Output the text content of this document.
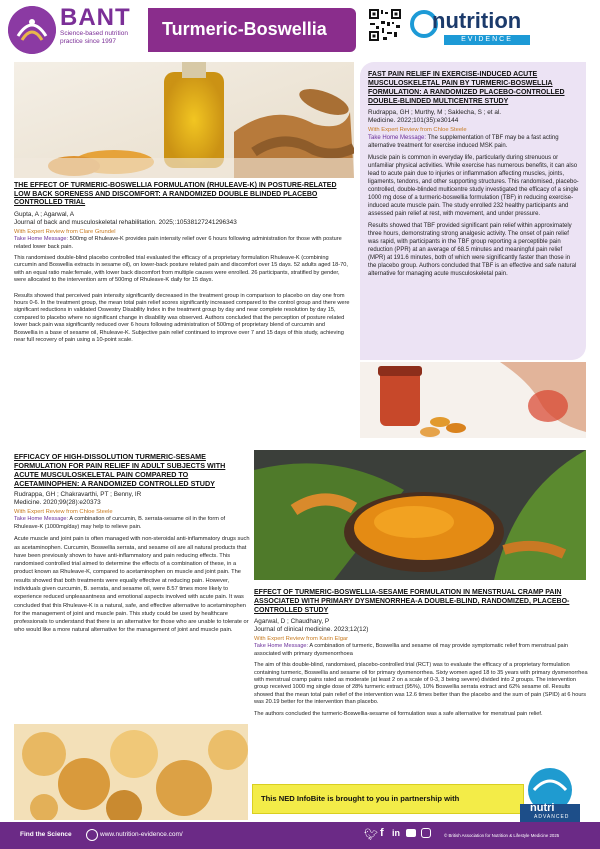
BANT
Science-based nutrition
practice since 1997
Turmeric-Boswellia	nutrition
EVIDENCE
FAST PAIN RELIEF IN EXERCISE-INDUCED ACUTE MUSCULOSKELETAL PAIN BY TURMERIC-BOSWELLIA FORMULATION: A RANDOMIZED PLACEBO-CONTROLLED DOUBLE-BLINDED MULTICENTRE STUDY
Rudrappa, GH ; Murthy, M ; Saklecha, S ; et al.
Medicine. 2022;101(35):e30144
With Expert Review from Chloe Steele

Take Home Message: The supplementation of TBF may be a fast acting alternative treatment for exercise induced MSK pain.

Muscle pain is common in everyday life, particularly during strenuous or unfamiliar physical activities. While exercise has numerous benefits, it can also lead to acute pain due to injuries or inflammation affecting muscles, joints, ligaments, tendons, and other supporting structures. This randomised, placebo-controlled, double-blinded multicentre study investigated the efficacy of a single 1000 mg dose of a turmeric-boswellia formulation (TBF) in reducing exercise-induced acute muscle pain. The study enrolled 232 healthy participants and assessed pain relief at rest, with movement, and under pressure.

Results showed that TBF provided significant pain relief within approximately three hours, demonstrating strong analgesic activity. The onset of pain relief was rapid, with participants in the TBF group reporting a perceptible pain reduction (PPR) at an average of 68.5 minutes and meaningful pain relief (MPR) at 191.6 minutes, both of which were significantly faster than those in the placebo group. Authors concluded that TBF is an effective and safe natural alternative for managing acute musculoskeletal pain.

THE EFFECT OF TURMERIC-BOSWELLIA FORMULATION (RHULEAVE-K) IN POSTURE-RELATED LOW BACK SORENESS AND DISCOMFORT: A RANDOMIZED DOUBLE BLINDED PLACEBO CONTROLLED TRIAL
Gupta, A ; Agarwal, A
Journal of back and musculoskeletal rehabilitation. 2025;:10538127241296343
With Expert Review from Clare Grundel

Take Home Message: 500mg of Rhuleave-K provides pain intensity relief over 6 hours following administration for those with posture related lower back pain.

This randomised double-blind placebo controlled trial evaluated the efficacy of a proprietary formulation Rhuleave-K (combining curcumin and Boswellia extracts in sesame oil), on lower-back posture related pain and discomfort over 15 days. 52 adults aged 18-70, with an equal ratio male:female, with lower back discomfort from multiple causes were enrolled. 26 participants, stratified by gender, were allocated to the intervention arm of 500mg of Rhuleave-K daily for 15 days.

Results showed that perceived pain intensity significantly decreased in the treatment group in comparison to placebo on day one from hours 0-6. In the treatment group, the mean total pain relief scores significantly increased compared to the control group and there were significant reductions in validated Oswestry Disability Index in the treatment group by day and near complete resolution by day 15, compared to placebo where no significant change in disability was observed. Authors concluded that the perception of posture related lower back pain was significantly reduced over 6 hours following administration of 500mg of proprietary blend of curcumin and Boswellia in a base of sesame oil, Rhuleave-K. Subjective pain relief continued to improve over 7 and 15 days of this study, achieving near full recovery of pain using a 10-point scale.

EFFICACY OF HIGH-DISSOLUTION TURMERIC-SESAME FORMULATION FOR PAIN RELIEF IN ADULT SUBJECTS WITH ACUTE MUSCULOSKELETAL PAIN COMPARED TO ACETAMINOPHEN: A RANDOMIZED CONTROLLED STUDY
Rudrappa, GH ; Chakravarthi, PT ; Benny, IR
Medicine. 2020;99(28):e20373
With Expert Review from Chloe Steele

Take Home Message: A combination of curcumin, B. serrata-sesame oil in the form of Rhuleave-K (1000mg/day) may help to relieve pain.

Acute muscle and joint pain is often managed with non-steroidal anti-inflammatory drugs such as acetaminophen. Curcumin, Boswellia serrata, and sesame oil are all natural products that have been previously shown to have anti-inflammatory and pain reducing effects. This randomised controlled trial aimed to determine the effects of a combination of these, in a product known as Rhuleave-K, compared to acetaminophen on muscle and joint pain. The results showed that both treatments were equally effective at reducing pain. However, individuals given curcumin, B. serrata, and sesame oil, were 8.57 times more likely to experience reduced unpleasantness and emotional aspects involved with acute pain. It was concluded that this Rhuleave-K is a natural, safe, and effective alternative to acetaminophen for the management of joint and muscle pain. This study could be used by healthcare professionals to understand that there is an alternative for those who are unable to tolerate or who would like a more natural alternative for the management of joint and muscle pain.

EFFECT OF TURMERIC-BOSWELLIA-SESAME FORMULATION IN MENSTRUAL CRAMP PAIN ASSOCIATED WITH PRIMARY DYSMENORRHEA-A DOUBLE-BLIND, RANDOMIZED, PLACEBO-CONTROLLED STUDY
Agarwal, D ; Chaudhary, P
Journal of clinical medicine. 2023;12(12)
With Expert Review from Karin Elgar

Take Home Message: A combination of turmeric, Boswellia and sesame oil may provide symptomatic relief from menstrual pain associated with primary dysmenorrhoea

The aim of this double-blind, randomised, placebo-controlled trial (RCT) was to evaluate the efficacy of a proprietary formulation containing turmeric, Boswellia and sesame oil for primary dysmenorrhea. Sixty women aged 18 to 35 years with primary dysmenorrhea with menstrual cramp pains rated as moderate (at least 2 on a scale of 0-3, 3 being severe) divided into 2 groups. The intervention group received 1000 mg single dose of 28% turmeric extract (95%), 10% Boswellia serrata extract and 62% sesame oil. Results showed that the mean total pain relief of the intervention was 12.6 times better than the placebo and the sum of pain (SPID) at 6 hours was 20.19 better for the intervention than placebo.

The authors concluded the turmeric-Boswellia-sesame oil formulation was a safe alternative for menstrual pain relief.

This NED InfoBite is brought to you in partnership with
nutri
ADVANCED
Find the Science	www.nutrition-evidence.com/	🐦︎ f in	© British Association for Nutrition & Lifestyle Medicine 2025
